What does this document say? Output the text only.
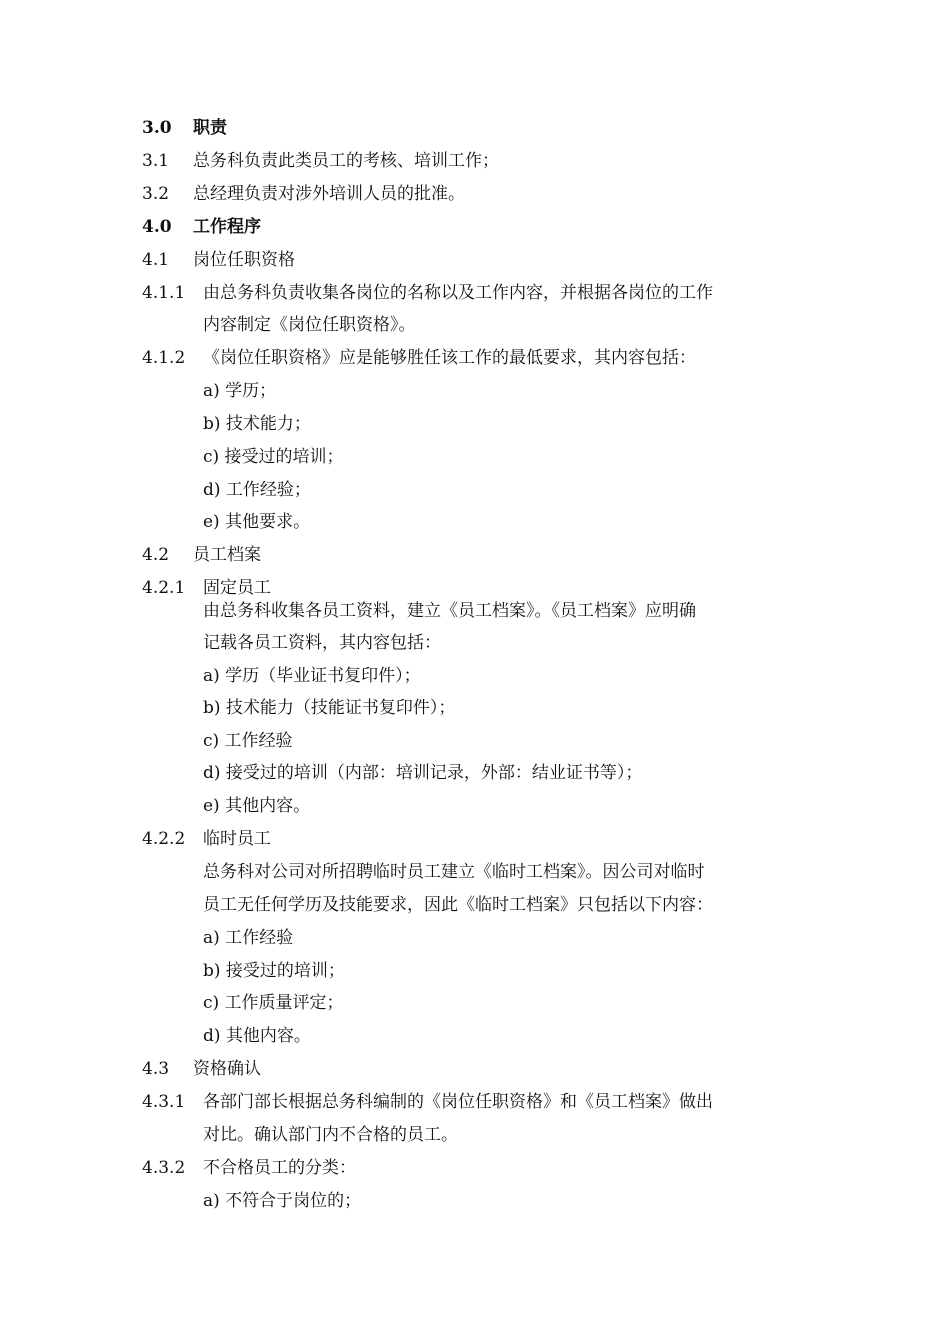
3.0 职责
3.1 总务科负责此类员工的考核、培训工作；
3.2 总经理负责对涉外培训人员的批准。
4.0 工作程序
4.1 岗位任职资格
4.1.1 由总务科负责收集各岗位的名称以及工作内容，并根据各岗位的工作
内容制定《岗位任职资格》。
4.1.2 《岗位任职资格》应是能够胜任该工作的最低要求，其内容包括：
a) 学历；
b) 技术能力；
c) 接受过的培训；
d) 工作经验；
e) 其他要求。
4.2 员工档案
4.2.1 固定员工
由总务科收集各员工资料，建立《员工档案》。《员工档案》应明确
记载各员工资料，其内容包括：
a) 学历（毕业证书复印件）；
b) 技术能力（技能证书复印件）；
c) 工作经验
d) 接受过的培训（内部：培训记录，外部：结业证书等）；
e) 其他内容。
4.2.2 临时员工
总务科对公司对所招聘临时员工建立《临时工档案》。因公司对临时
员工无任何学历及技能要求，因此《临时工档案》只包括以下内容：
a) 工作经验
b) 接受过的培训；
c) 工作质量评定；
d) 其他内容。
4.3 资格确认
4.3.1 各部门部长根据总务科编制的《岗位任职资格》和《员工档案》做出
对比。确认部门内不合格的员工。
4.3.2 不合格员工的分类：
a) 不符合于岗位的；
